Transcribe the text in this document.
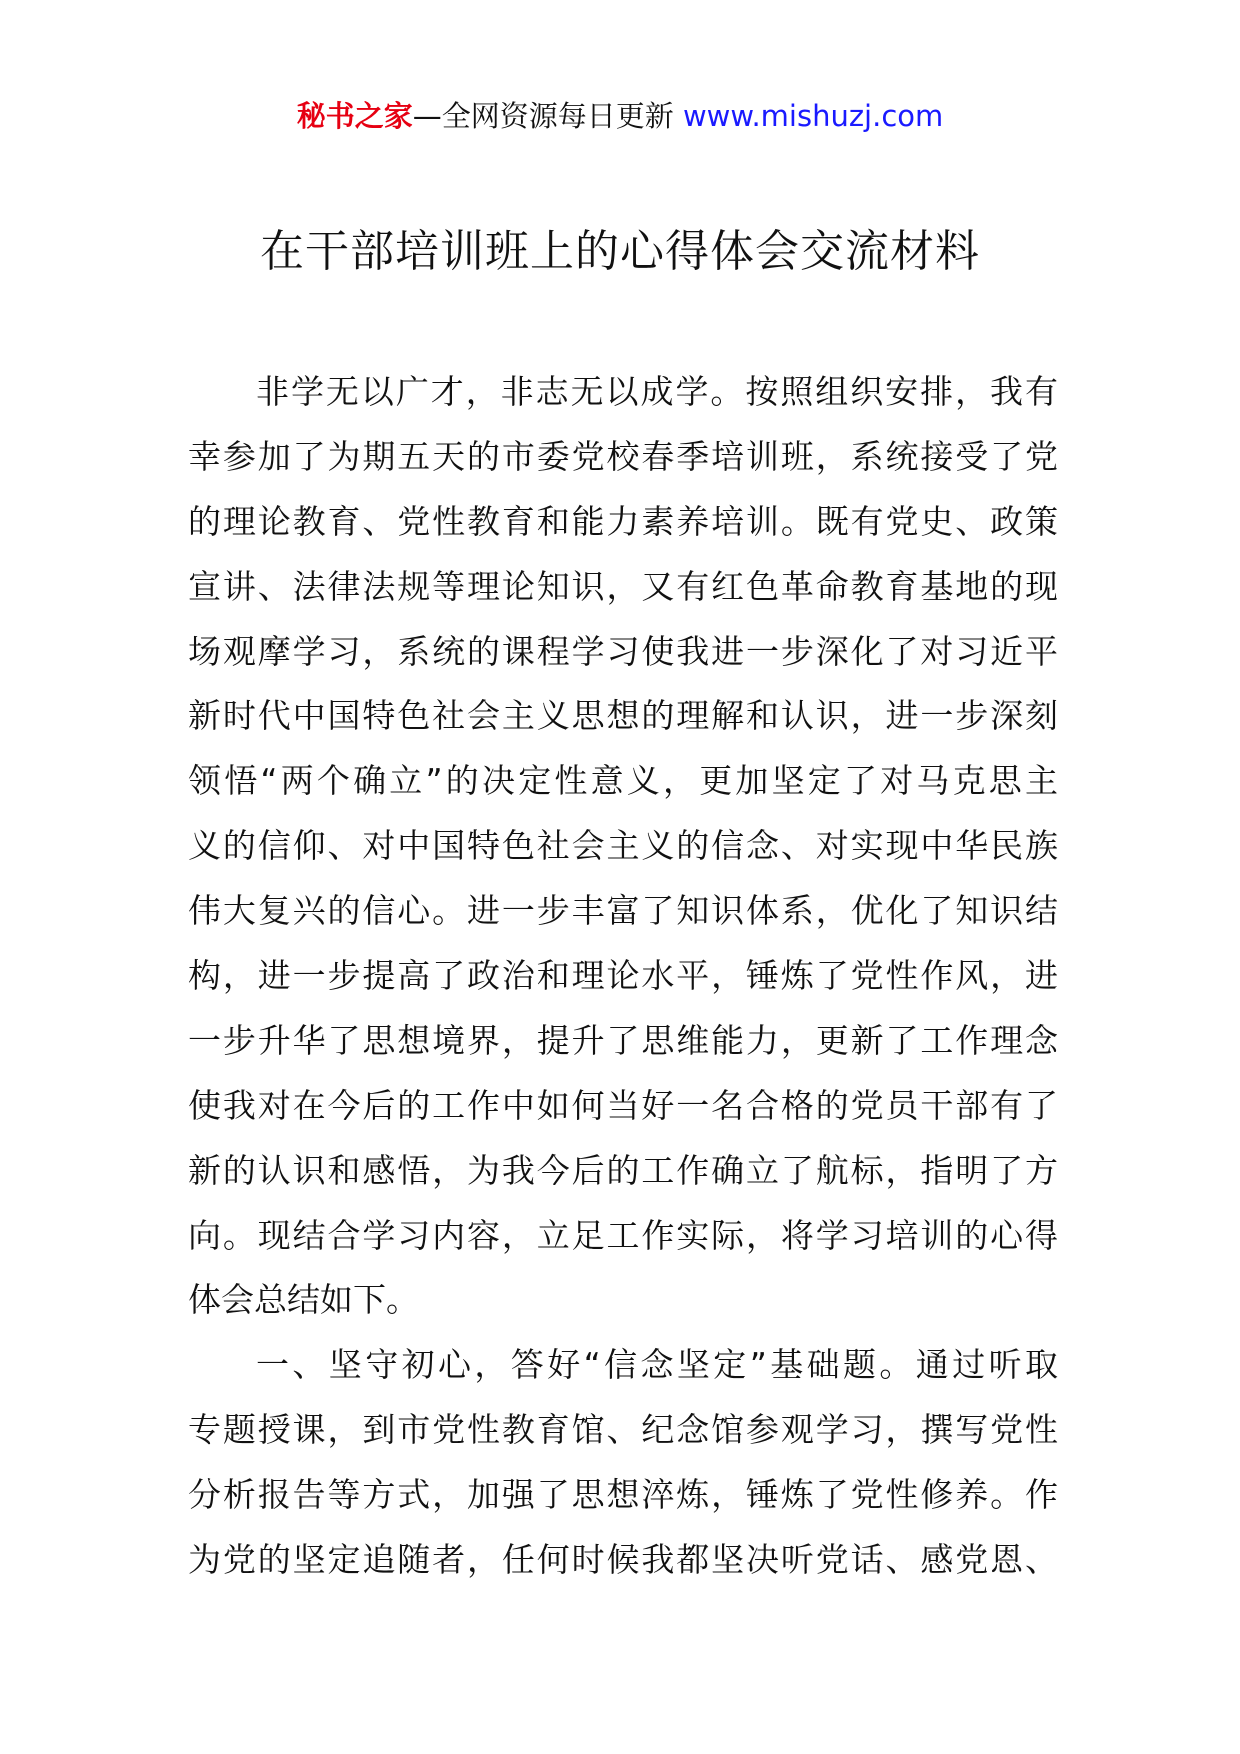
秘书之家—全网资源每日更新 www.mishuzj.com
在干部培训班上的心得体会交流材料
非学无以广才，非志无以成学。按照组织安排，我有
幸参加了为期五天的市委党校春季培训班，系统接受了党
的理论教育、党性教育和能力素养培训。既有党史、政策
宣讲、法律法规等理论知识，又有红色革命教育基地的现
场观摩学习，系统的课程学习使我进一步深化了对习近平
新时代中国特色社会主义思想的理解和认识，进一步深刻
领悟“两个确立”的决定性意义，更加坚定了对马克思主
义的信仰、对中国特色社会主义的信念、对实现中华民族
伟大复兴的信心。进一步丰富了知识体系，优化了知识结
构，进一步提高了政治和理论水平，锤炼了党性作风，进
一步升华了思想境界，提升了思维能力，更新了工作理念
使我对在今后的工作中如何当好一名合格的党员干部有了
新的认识和感悟，为我今后的工作确立了航标，指明了方
向。现结合学习内容，立足工作实际，将学习培训的心得
体会总结如下。
一、坚守初心，答好“信念坚定”基础题。通过听取
专题授课，到市党性教育馆、纪念馆参观学习，撰写党性
分析报告等方式，加强了思想淬炼，锤炼了党性修养。作
为党的坚定追随者，任何时候我都坚决听党话、感党恩、
